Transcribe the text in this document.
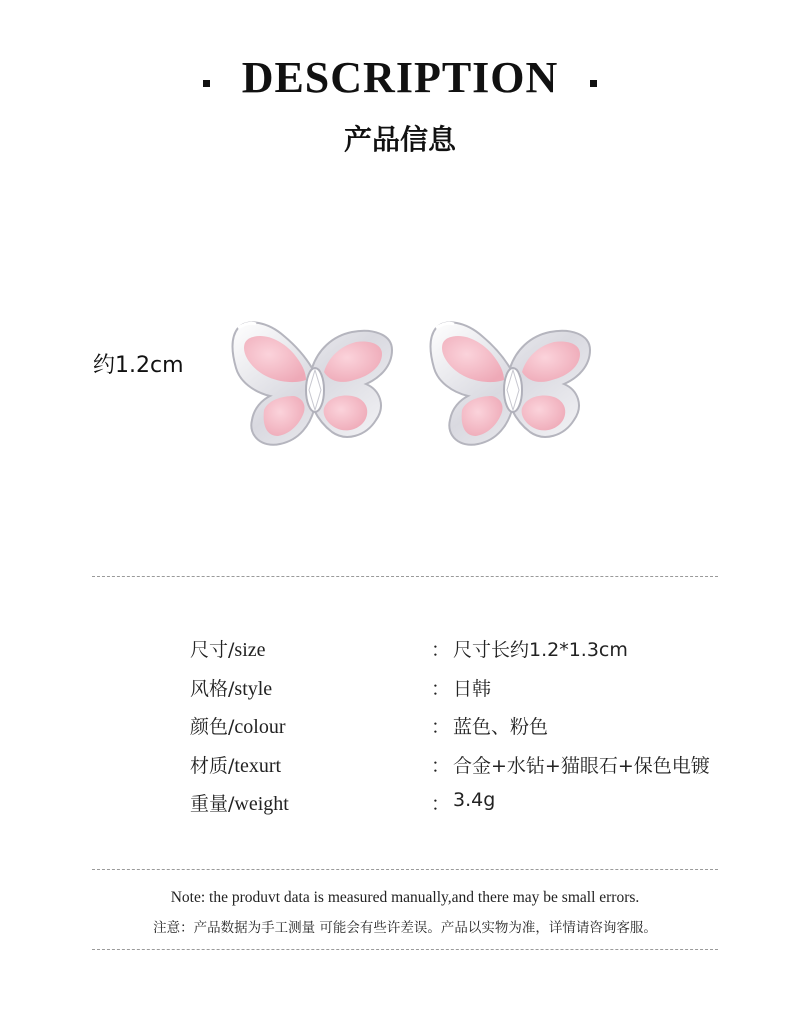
DESCRIPTION
产品信息
约1.2cm
尺寸/size	： 尺寸长约1.2*1.3cm
风格/style	： 日韩
颜色/colour	： 蓝色、粉色
材质/texurt	： 合金+水钻+猫眼石+保色电镀
重量/weight	： 3.4g
Note: the produvt data is measured manually,and there may be small errors.
注意：产品数据为手工测量 可能会有些许差误。产品以实物为准，详情请咨询客服。
